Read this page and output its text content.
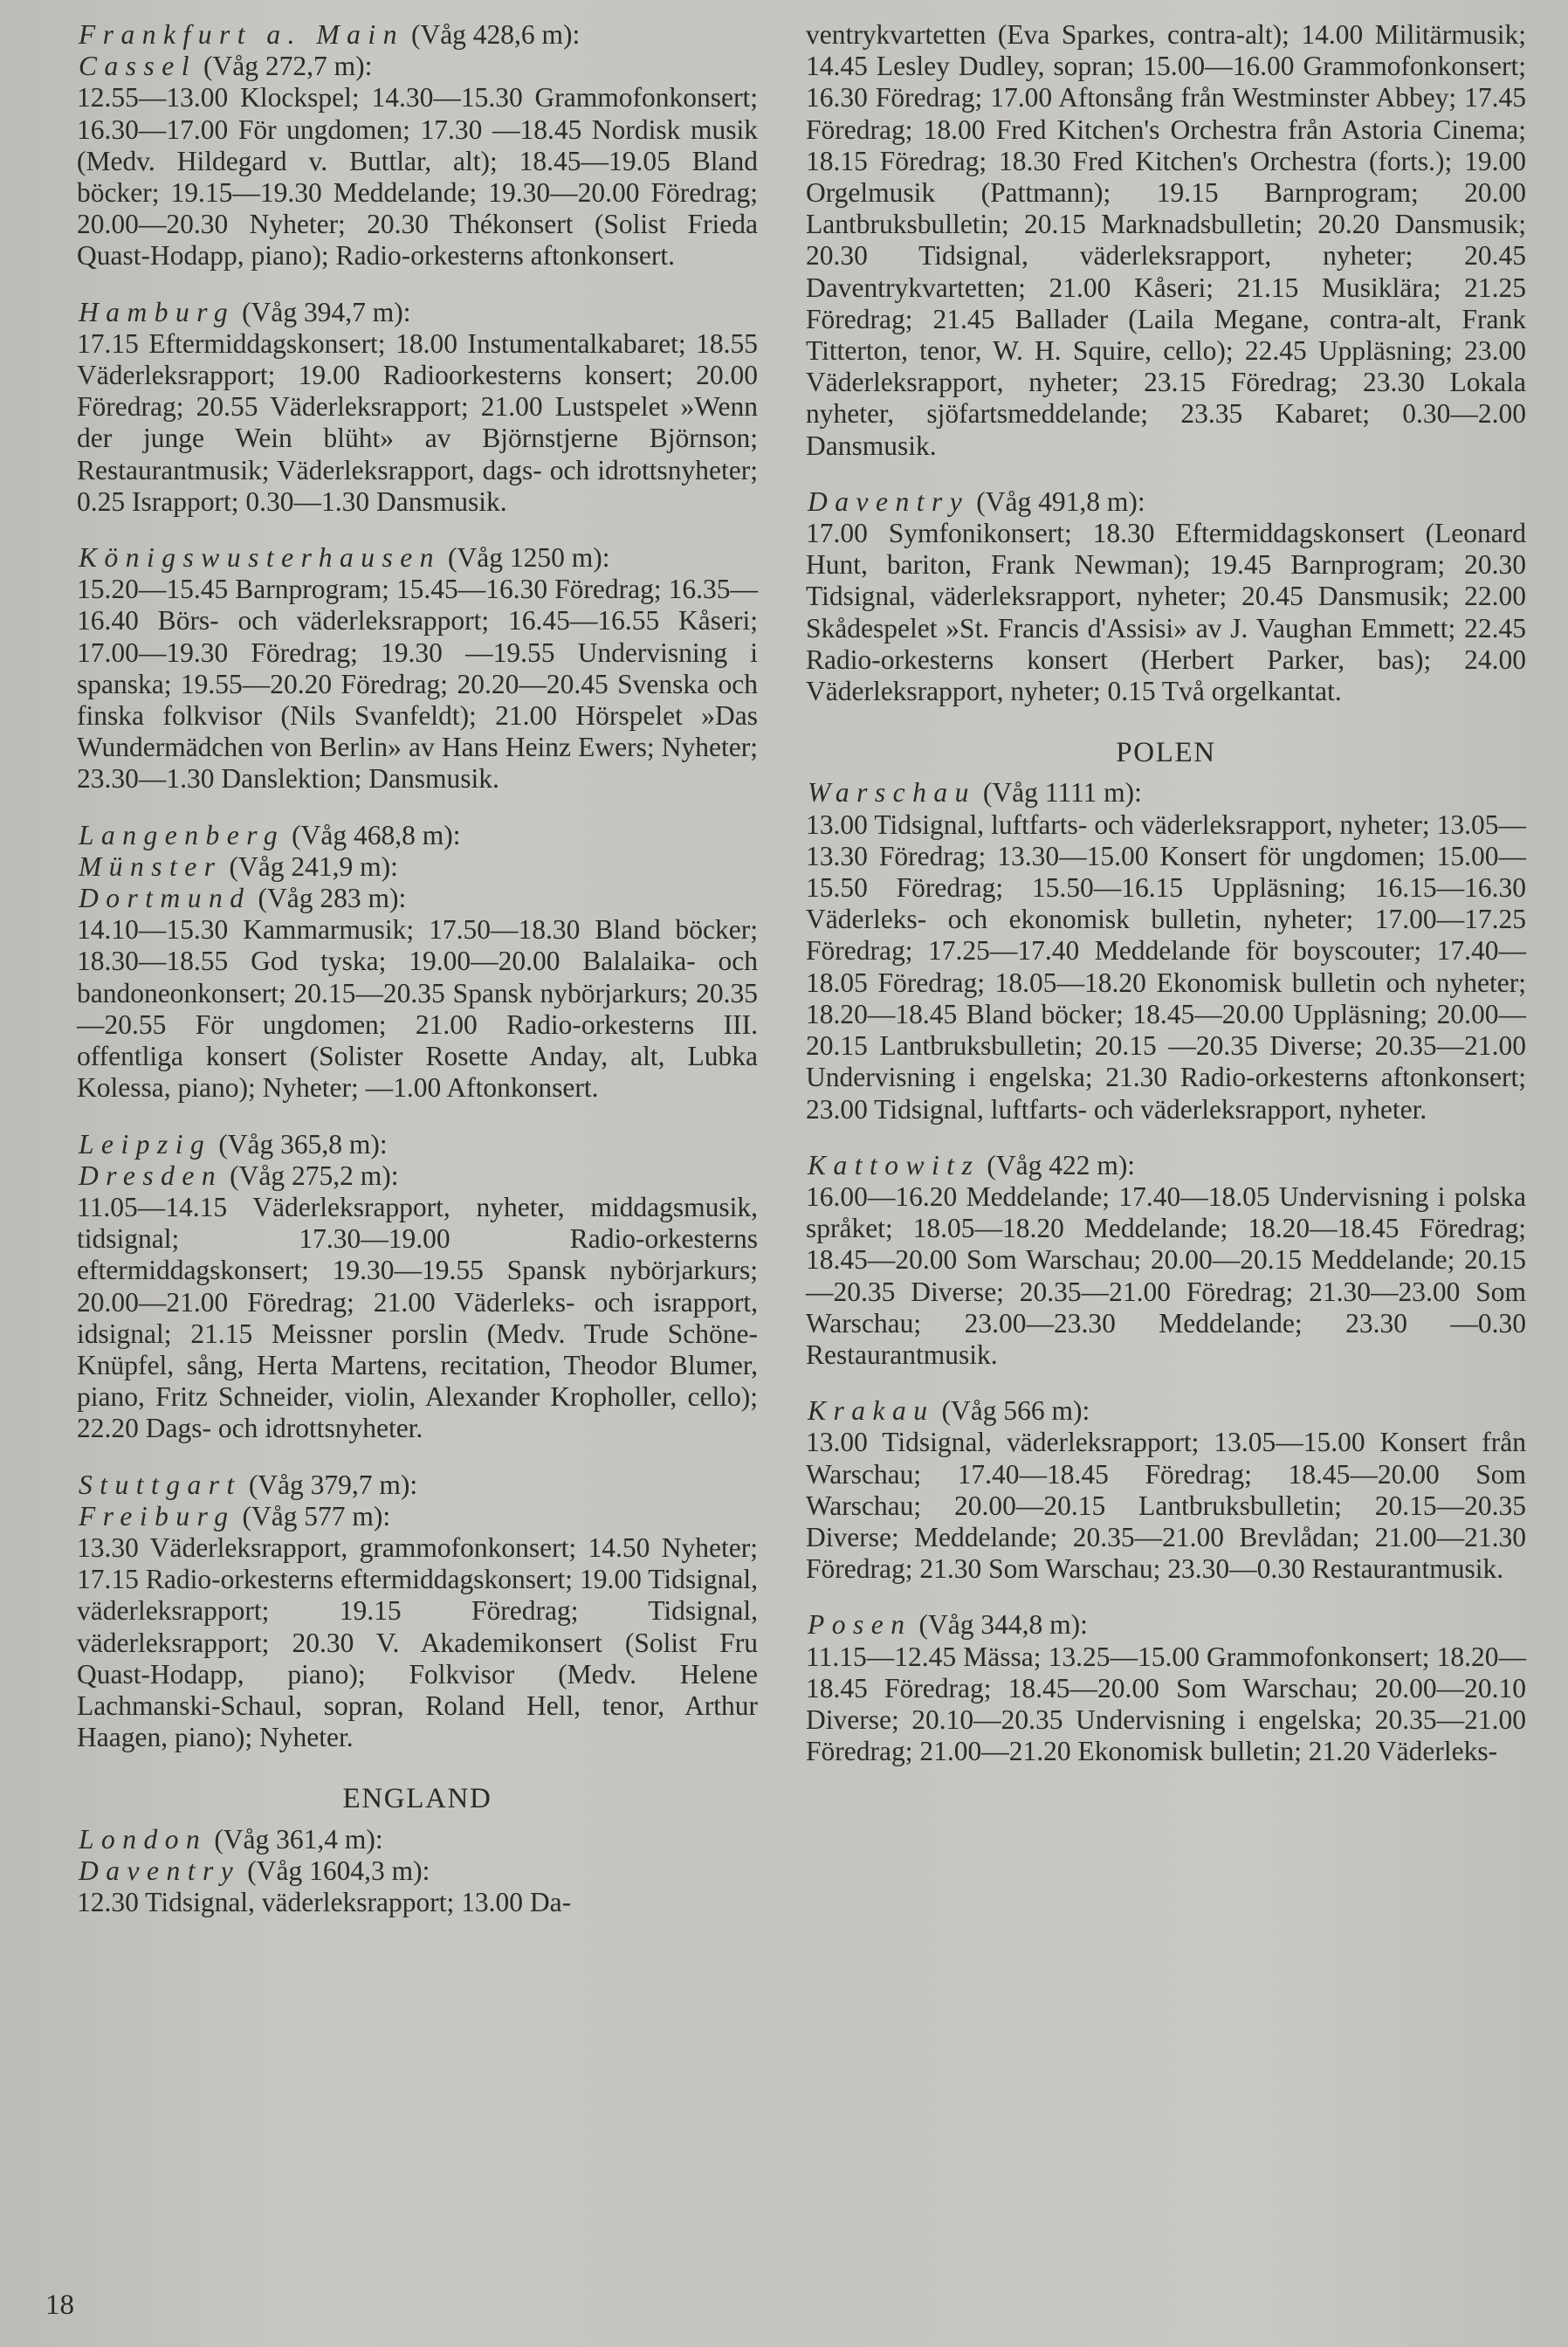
Frankfurt a. Main (Våg 428,6 m):
Cassel (Våg 272,7 m):

12.55—13.00 Klockspel; 14.30—15.30 Grammofonkonsert; 16.30—17.00 För ungdomen; 17.30 —18.45 Nordisk musik (Medv. Hildegard v. Buttlar, alt); 18.45—19.05 Bland böcker; 19.15—19.30 Meddelande; 19.30—20.00 Föredrag; 20.00—20.30 Nyheter; 20.30 Thékonsert (Solist Frieda Quast-Hodapp, piano); Radio-orkesterns aftonkonsert.

Hamburg (Våg 394,7 m):

17.15 Eftermiddagskonsert; 18.00 Instumentalkabaret; 18.55 Väderleksrapport; 19.00 Radioorkesterns konsert; 20.00 Föredrag; 20.55 Väderleksrapport; 21.00 Lustspelet »Wenn der junge Wein blüht» av Björnstjerne Björnson; Restaurantmusik; Väderleksrapport, dags- och idrottsnyheter; 0.25 Israpport; 0.30—1.30 Dansmusik.

Königswusterhausen (Våg 1250 m):

15.20—15.45 Barnprogram; 15.45—16.30 Föredrag; 16.35—16.40 Börs- och väderleksrapport; 16.45—16.55 Kåseri; 17.00—19.30 Föredrag; 19.30 —19.55 Undervisning i spanska; 19.55—20.20 Föredrag; 20.20—20.45 Svenska och finska folkvisor (Nils Svanfeldt); 21.00 Hörspelet »Das Wundermädchen von Berlin» av Hans Heinz Ewers; Nyheter; 23.30—1.30 Danslektion; Dansmusik.

Langenberg (Våg 468,8 m):
Münster (Våg 241,9 m):
Dortmund (Våg 283 m):

14.10—15.30 Kammarmusik; 17.50—18.30 Bland böcker; 18.30—18.55 God tyska; 19.00—20.00 Balalaika- och bandoneonkonsert; 20.15—20.35 Spansk nybörjarkurs; 20.35—20.55 För ungdomen; 21.00 Radio-orkesterns III. offentliga konsert (Solister Rosette Anday, alt, Lubka Kolessa, piano); Nyheter; —1.00 Aftonkonsert.

Leipzig (Våg 365,8 m):
Dresden (Våg 275,2 m):

11.05—14.15 Väderleksrapport, nyheter, middagsmusik, tidsignal; 17.30—19.00 Radio-orkesterns eftermiddagskonsert; 19.30—19.55 Spansk nybörjarkurs; 20.00—21.00 Föredrag; 21.00 Väderleks- och israpport, idsignal; 21.15 Meissner porslin (Medv. Trude Schöne-Knüpfel, sång, Herta Martens, recitation, Theodor Blumer, piano, Fritz Schneider, violin, Alexander Kropholler, cello); 22.20 Dags- och idrottsnyheter.

Stuttgart (Våg 379,7 m):
Freiburg (Våg 577 m):

13.30 Väderleksrapport, grammofonkonsert; 14.50 Nyheter; 17.15 Radio-orkesterns eftermiddagskonsert; 19.00 Tidsignal, väderleksrapport; 19.15 Föredrag; Tidsignal, väderleksrapport; 20.30 V. Akademikonsert (Solist Fru Quast-Hodapp, piano); Folkvisor (Medv. Helene Lachmanski-Schaul, sopran, Roland Hell, tenor, Arthur Haagen, piano); Nyheter.

ENGLAND
London (Våg 361,4 m):
Daventry (Våg 1604,3 m):

12.30 Tidsignal, väderleksrapport; 13.00 Da-

ventrykvartetten (Eva Sparkes, contra-alt); 14.00 Militärmusik; 14.45 Lesley Dudley, sopran; 15.00—16.00 Grammofonkonsert; 16.30 Föredrag; 17.00 Aftonsång från Westminster Abbey; 17.45 Föredrag; 18.00 Fred Kitchen's Orchestra från Astoria Cinema; 18.15 Föredrag; 18.30 Fred Kitchen's Orchestra (forts.); 19.00 Orgelmusik (Pattmann); 19.15 Barnprogram; 20.00 Lantbruksbulletin; 20.15 Marknadsbulletin; 20.20 Dansmusik; 20.30 Tidsignal, väderleksrapport, nyheter; 20.45 Daventrykvartetten; 21.00 Kåseri; 21.15 Musiklära; 21.25 Föredrag; 21.45 Ballader (Laila Megane, contra-alt, Frank Titterton, tenor, W. H. Squire, cello); 22.45 Uppläsning; 23.00 Väderleksrapport, nyheter; 23.15 Föredrag; 23.30 Lokala nyheter, sjöfartsmeddelande; 23.35 Kabaret; 0.30—2.00 Dansmusik.

Daventry (Våg 491,8 m):

17.00 Symfonikonsert; 18.30 Eftermiddagskonsert (Leonard Hunt, bariton, Frank Newman); 19.45 Barnprogram; 20.30 Tidsignal, väderleksrapport, nyheter; 20.45 Dansmusik; 22.00 Skådespelet »St. Francis d'Assisi» av J. Vaughan Emmett; 22.45 Radio-orkesterns konsert (Herbert Parker, bas); 24.00 Väderleksrapport, nyheter; 0.15 Två orgelkantat.

POLEN
Warschau (Våg 1111 m):

13.00 Tidsignal, luftfarts- och väderleksrapport, nyheter; 13.05—13.30 Föredrag; 13.30—15.00 Konsert för ungdomen; 15.00—15.50 Föredrag; 15.50—16.15 Uppläsning; 16.15—16.30 Väderleks- och ekonomisk bulletin, nyheter; 17.00—17.25 Föredrag; 17.25—17.40 Meddelande för boyscouter; 17.40—18.05 Föredrag; 18.05—18.20 Ekonomisk bulletin och nyheter; 18.20—18.45 Bland böcker; 18.45—20.00 Uppläsning; 20.00—20.15 Lantbruksbulletin; 20.15 —20.35 Diverse; 20.35—21.00 Undervisning i engelska; 21.30 Radio-orkesterns aftonkonsert; 23.00 Tidsignal, luftfarts- och väderleksrapport, nyheter.

Kattowitz (Våg 422 m):

16.00—16.20 Meddelande; 17.40—18.05 Undervisning i polska språket; 18.05—18.20 Meddelande; 18.20—18.45 Föredrag; 18.45—20.00 Som Warschau; 20.00—20.15 Meddelande; 20.15—20.35 Diverse; 20.35—21.00 Föredrag; 21.30—23.00 Som Warschau; 23.00—23.30 Meddelande; 23.30 —0.30 Restaurantmusik.

Krakau (Våg 566 m):

13.00 Tidsignal, väderleksrapport; 13.05—15.00 Konsert från Warschau; 17.40—18.45 Föredrag; 18.45—20.00 Som Warschau; 20.00—20.15 Lantbruksbulletin; 20.15—20.35 Diverse; Meddelande; 20.35—21.00 Brevlådan; 21.00—21.30 Föredrag; 21.30 Som Warschau; 23.30—0.30 Restaurantmusik.

Posen (Våg 344,8 m):

11.15—12.45 Mässa; 13.25—15.00 Grammofonkonsert; 18.20—18.45 Föredrag; 18.45—20.00 Som Warschau; 20.00—20.10 Diverse; 20.10—20.35 Undervisning i engelska; 20.35—21.00 Föredrag; 21.00—21.20 Ekonomisk bulletin; 21.20 Väderleks-

18
